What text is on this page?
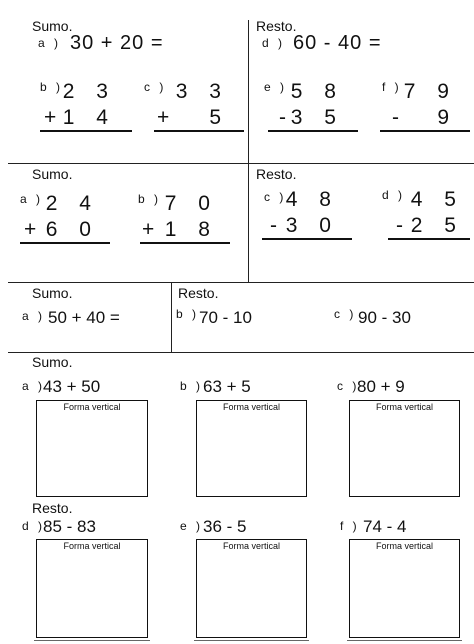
Sumo.	Resto.
a ) 30 + 20 =	d ) 60 - 40 =
b ) 2 3
+ 1 4
c ) 3 3
+ 5
e ) 5 8
- 3 5
f ) 7 9
- 9
Sumo.	Resto.
a ) 2 4
+ 6 0
b ) 7 0
+ 1 8
c ) 4 8
- 3 0
d ) 4 5
- 2 5
Sumo.	Resto.
a ) 50 + 40 =	b ) 70 - 10	c ) 90 - 30
Sumo.
a )
43 + 50
Forma vertical
b ) 63 + 5
Forma vertical
c )
80 + 9
Forma vertical
Resto.
d )
85 - 83
Forma vertical
e ) 36 - 5
Forma vertical
f ) 74 - 4
Forma vertical
